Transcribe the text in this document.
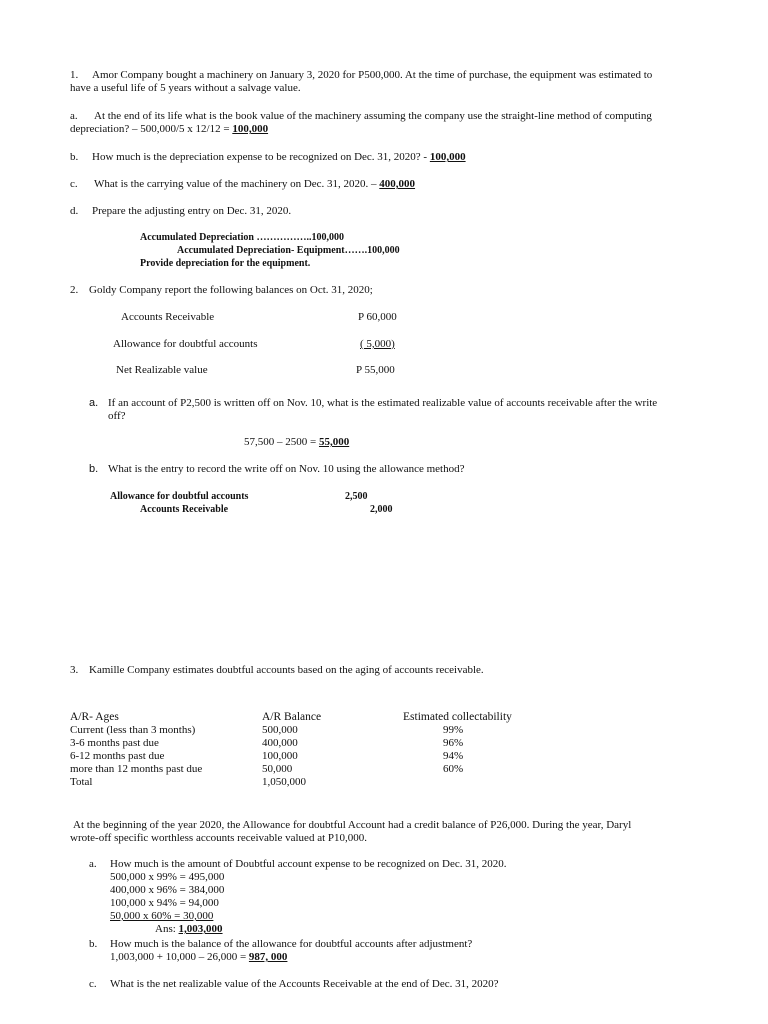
1. Amor Company bought a machinery on January 3, 2020 for P500,000. At the time of purchase, the equipment was estimated to
have a useful life of 5 years without a salvage value.
a. At the end of its life what is the book value of the machinery assuming the company use the straight-line method of computing
depreciation? – 500,000/5 x 12/12 = 100,000
b. How much is the depreciation expense to be recognized on Dec. 31, 2020? - 100,000
c. What is the carrying value of the machinery on Dec. 31, 2020. – 400,000
d. Prepare the adjusting entry on Dec. 31, 2020.
Accumulated Depreciation ……………..100,000
Accumulated Depreciation- Equipment…….100,000
Provide depreciation for the equipment.
2. Goldy Company report the following balances on Oct. 31, 2020;
Accounts Receivable	P 60,000
Allowance for doubtful accounts	( 5,000)
Net Realizable value	P 55,000
a. If an account of P2,500 is written off on Nov. 10, what is the estimated realizable value of accounts receivable after the write
off?
57,500 – 2500 = 55,000
b. What is the entry to record the write off on Nov. 10 using the allowance method?
Allowance for doubtful accounts	2,500
Accounts Receivable	2,000
3. Kamille Company estimates doubtful accounts based on the aging of accounts receivable.
A/R- Ages	A/R Balance	Estimated collectability
Current (less than 3 months)	500,000	99%
3-6 months past due	400,000	96%
6-12 months past due	100,000	94%
more than 12 months past due	50,000	60%
Total	1,050,000
At the beginning of the year 2020, the Allowance for doubtful Account had a credit balance of P26,000. During the year, Daryl
wrote-off specific worthless accounts receivable valued at P10,000.
a. How much is the amount of Doubtful account expense to be recognized on Dec. 31, 2020.
500,000 x 99% = 495,000
400,000 x 96% = 384,000
100,000 x 94% = 94,000
50,000 x 60% = 30,000
Ans: 1,003,000
b. How much is the balance of the allowance for doubtful accounts after adjustment?
1,003,000 + 10,000 – 26,000 = 987, 000
c. What is the net realizable value of the Accounts Receivable at the end of Dec. 31, 2020?
